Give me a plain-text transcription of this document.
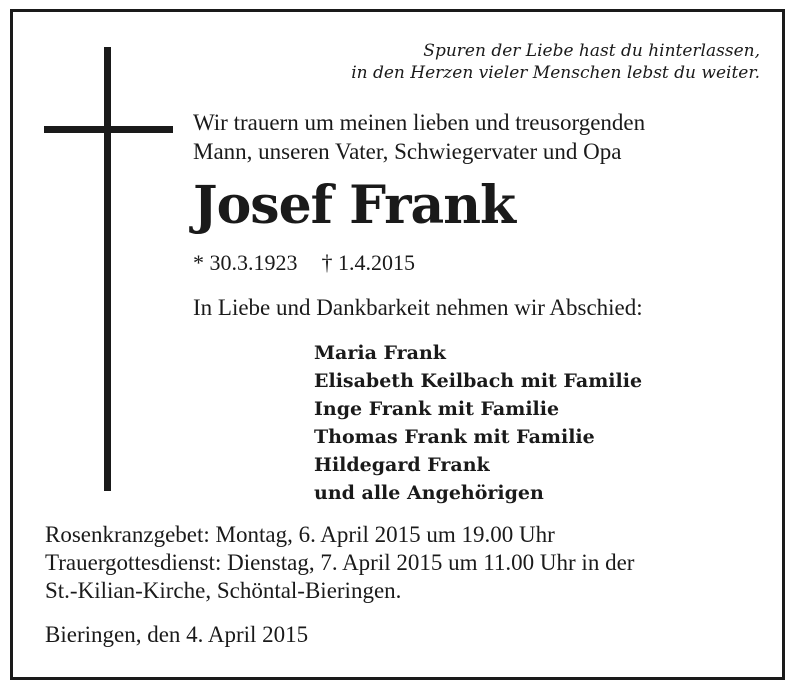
Spuren der Liebe hast du hinterlassen,
in den Herzen vieler Menschen lebst du weiter.
Wir trauern um meinen lieben und treusorgenden
Mann, unseren Vater, Schwiegervater und Opa
Josef Frank
* 30.3.1923 † 1.4.2015
In Liebe und Dankbarkeit nehmen wir Abschied:
Maria Frank
Elisabeth Keilbach mit Familie
Inge Frank mit Familie
Thomas Frank mit Familie
Hildegard Frank
und alle Angehörigen
Rosenkranzgebet: Montag, 6. April 2015 um 19.00 Uhr
Trauergottesdienst: Dienstag, 7. April 2015 um 11.00 Uhr in der
St.-Kilian-Kirche, Schöntal-Bieringen.
Bieringen, den 4. April 2015
